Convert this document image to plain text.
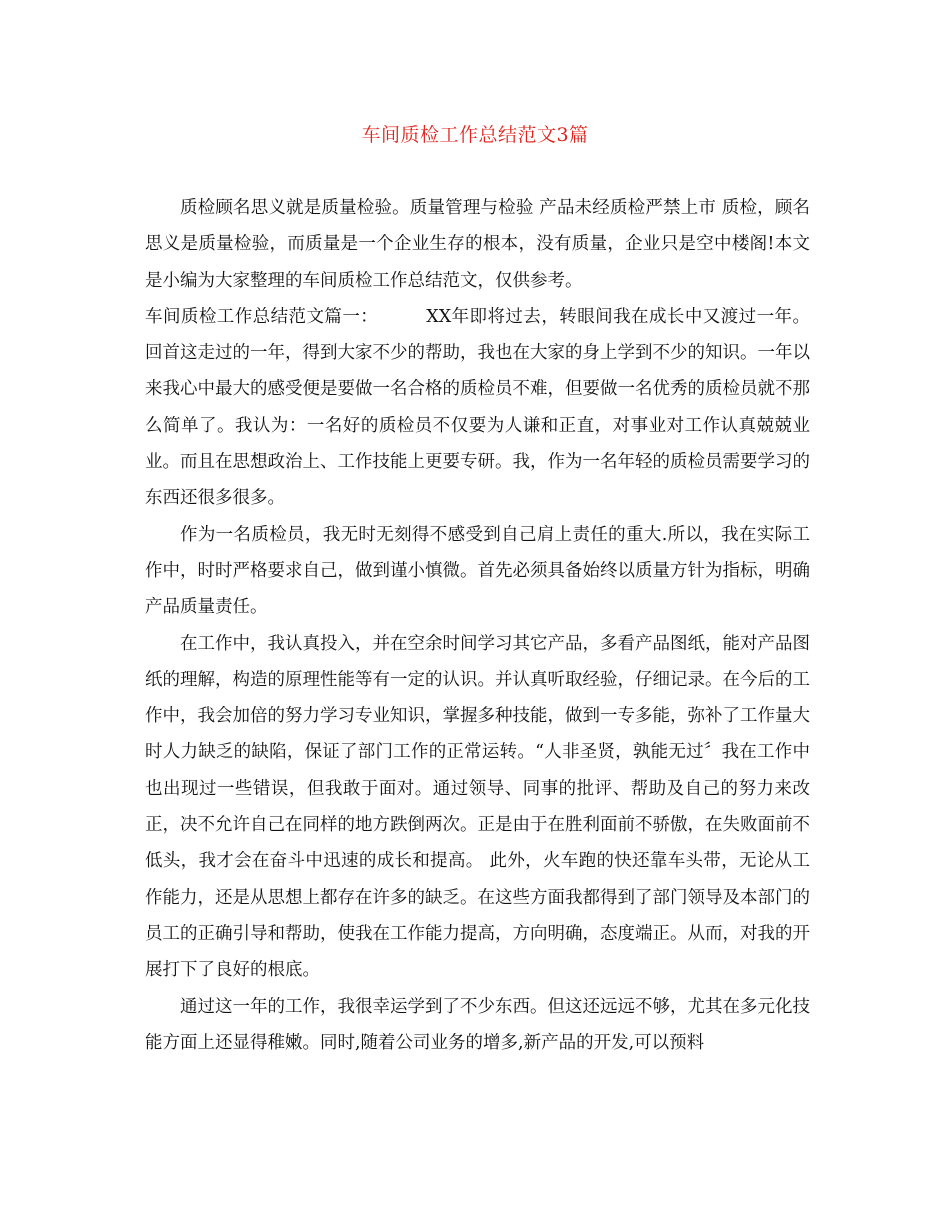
车间质检工作总结范文3篇

质检顾名思义就是质量检验。质量管理与检验 产品未经质检严禁上市 质检，顾名思义是质量检验，而质量是一个企业生存的根本，没有质量，企业只是空中楼阁!本文是小编为大家整理的车间质检工作总结范文，仅供参考。

车间质检工作总结范文篇一：	XX年即将过去，转眼间我在成长中又渡过一年。回首这走过的一年，得到大家不少的帮助，我也在大家的身上学到不少的知识。一年以来我心中最大的感受便是要做一名合格的质检员不难，但要做一名优秀的质检员就不那么简单了。我认为：一名好的质检员不仅要为人谦和正直，对事业对工作认真兢兢业业。而且在思想政治上、工作技能上更要专研。我，作为一名年轻的质检员需要学习的东西还很多很多。

作为一名质检员，我无时无刻得不感受到自己肩上责任的重大.所以，我在实际工作中，时时严格要求自己，做到谨小慎微。首先必须具备始终以质量方针为指标，明确产品质量责任。

在工作中，我认真投入，并在空余时间学习其它产品，多看产品图纸，能对产品图纸的理解，构造的原理性能等有一定的认识。并认真听取经验，仔细记录。在今后的工作中，我会加倍的努力学习专业知识，掌握多种技能，做到一专多能，弥补了工作量大时人力缺乏的缺陷，保证了部门工作的正常运转。“人非圣贤，孰能无过〞我在工作中也出现过一些错误，但我敢于面对。通过领导、同事的批评、帮助及自己的努力来改正，决不允许自己在同样的地方跌倒两次。正是由于在胜利面前不骄傲，在失败面前不低头，我才会在奋斗中迅速的成长和提高。 此外，火车跑的快还靠车头带，无论从工作能力，还是从思想上都存在许多的缺乏。在这些方面我都得到了部门领导及本部门的员工的正确引导和帮助，使我在工作能力提高，方向明确，态度端正。从而，对我的开展打下了良好的根底。

通过这一年的工作，我很幸运学到了不少东西。但这还远远不够，尤其在多元化技能方面上还显得稚嫩。同时,随着公司业务的增多,新产品的开发,可以预料
